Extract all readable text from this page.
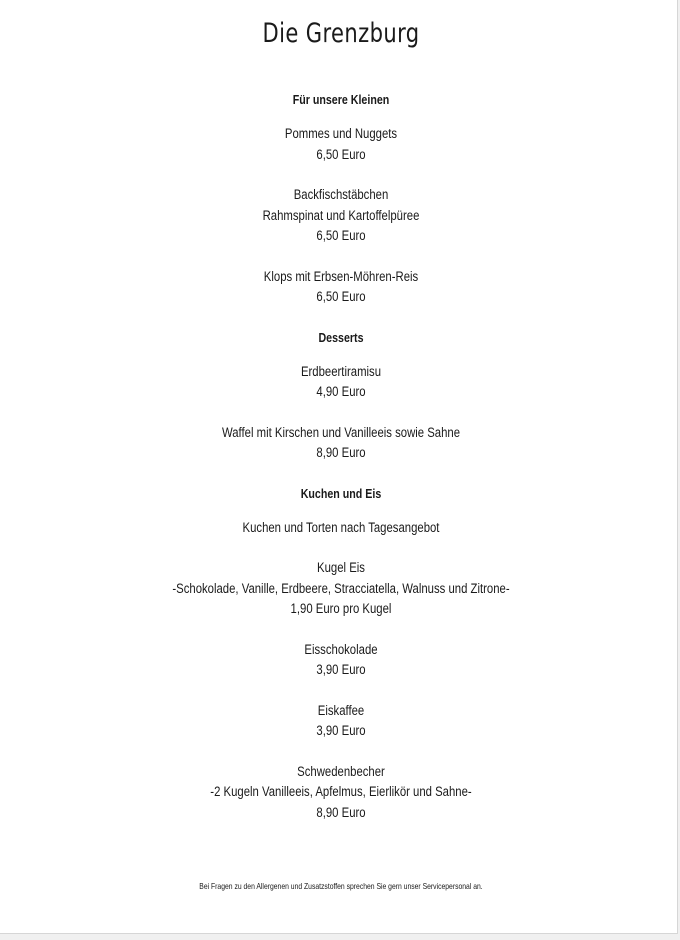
Die Grenzburg
Für unsere Kleinen
Pommes und Nuggets
6,50 Euro
Backfischstäbchen
Rahmspinat und Kartoffelpüree
6,50 Euro
Klops mit Erbsen-Möhren-Reis
6,50 Euro
Desserts
Erdbeertiramisu
4,90 Euro
Waffel mit Kirschen und Vanilleeis sowie Sahne
8,90 Euro
Kuchen und Eis
Kuchen und Torten nach Tagesangebot
Kugel Eis
-Schokolade, Vanille, Erdbeere, Stracciatella, Walnuss und Zitrone-
1,90 Euro pro Kugel
Eisschokolade
3,90 Euro
Eiskaffee
3,90 Euro
Schwedenbecher
-2 Kugeln Vanilleeis, Apfelmus, Eierlikör und Sahne-
8,90 Euro
Bei Fragen zu den Allergenen und Zusatzstoffen sprechen Sie gern unser Servicepersonal an.
